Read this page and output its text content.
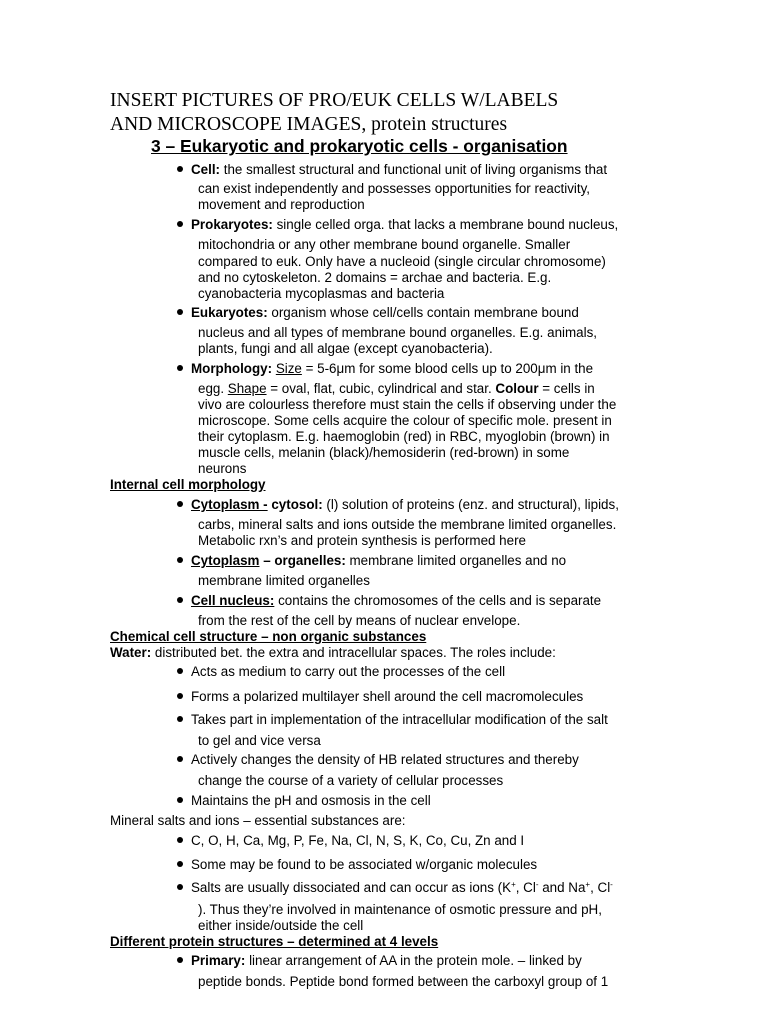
INSERT PICTURES OF PRO/EUK CELLS W/LABELS
AND MICROSCOPE IMAGES, protein structures
3 – Eukaryotic and prokaryotic cells - organisation
Cell: the smallest structural and functional unit of living organisms that
can exist independently and possesses opportunities for reactivity,
movement and reproduction
Prokaryotes: single celled orga. that lacks a membrane bound nucleus,
mitochondria or any other membrane bound organelle. Smaller
compared to euk. Only have a nucleoid (single circular chromosome)
and no cytoskeleton. 2 domains = archae and bacteria. E.g.
cyanobacteria mycoplasmas and bacteria
Eukaryotes: organism whose cell/cells contain membrane bound
nucleus and all types of membrane bound organelles. E.g. animals,
plants, fungi and all algae (except cyanobacteria).
Morphology: Size = 5-6μm for some blood cells up to 200μm in the
egg. Shape = oval, flat, cubic, cylindrical and star. Colour = cells in
vivo are colourless therefore must stain the cells if observing under the
microscope. Some cells acquire the colour of specific mole. present in
their cytoplasm. E.g. haemoglobin (red) in RBC, myoglobin (brown) in
muscle cells, melanin (black)/hemosiderin (red-brown) in some
neurons
Internal cell morphology
Cytoplasm - cytosol: (l) solution of proteins (enz. and structural), lipids,
carbs, mineral salts and ions outside the membrane limited organelles.
Metabolic rxn’s and protein synthesis is performed here
Cytoplasm – organelles: membrane limited organelles and no
membrane limited organelles
Cell nucleus: contains the chromosomes of the cells and is separate
from the rest of the cell by means of nuclear envelope.
Chemical cell structure – non organic substances
Water: distributed bet. the extra and intracellular spaces. The roles include:
Acts as medium to carry out the processes of the cell
Forms a polarized multilayer shell around the cell macromolecules
Takes part in implementation of the intracellular modification of the salt
to gel and vice versa
Actively changes the density of HB related structures and thereby
change the course of a variety of cellular processes
Maintains the pH and osmosis in the cell
Mineral salts and ions – essential substances are:
C, O, H, Ca, Mg, P, Fe, Na, Cl, N, S, K, Co, Cu, Zn and I
Some may be found to be associated w/organic molecules
Salts are usually dissociated and can occur as ions (K+, Cl- and Na+, Cl-
). Thus they’re involved in maintenance of osmotic pressure and pH,
either inside/outside the cell
Different protein structures – determined at 4 levels
Primary: linear arrangement of AA in the protein mole. – linked by
peptide bonds. Peptide bond formed between the carboxyl group of 1
